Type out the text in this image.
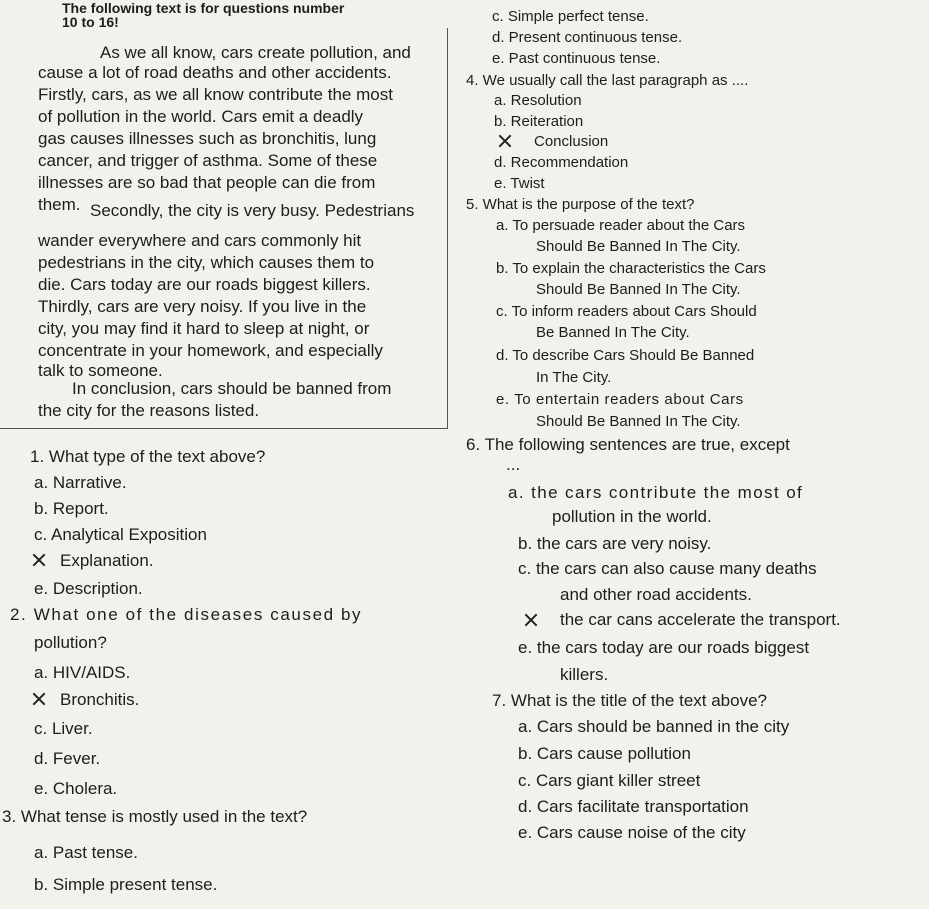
The following text is for questions number
10 to 16!
As we all know, cars create pollution, and
cause a lot of road deaths and other accidents.
Firstly, cars, as we all know contribute the most
of pollution in the world. Cars emit a deadly
gas causes illnesses such as bronchitis, lung
cancer, and trigger of asthma. Some of these
illnesses are so bad that people can die from
them. Secondly, the city is very busy. Pedestrians
wander everywhere and cars commonly hit
pedestrians in the city, which causes them to
die. Cars today are our roads biggest killers.
Thirdly, cars are very noisy. If you live in the
city, you may find it hard to sleep at night, or
concentrate in your homework, and especially
talk to someone.
In conclusion, cars should be banned from
the city for the reasons listed.
1. What type of the text above?
a. Narrative.
b. Report.
c. Analytical Exposition
Explanation.
e. Description.
2. What one of the diseases caused by
pollution?
a. HIV/AIDS.
Bronchitis.
c. Liver.
d. Fever.
e. Cholera.
3. What tense is mostly used in the text?
a. Past tense.
b. Simple present tense.
c. Simple perfect tense.
d. Present continuous tense.
e. Past continuous tense.
4. We usually call the last paragraph as ....
a. Resolution
b. Reiteration
Conclusion
d. Recommendation
e. Twist
5. What is the purpose of the text?
a. To persuade reader about the Cars
Should Be Banned In The City.
b. To explain the characteristics the Cars
Should Be Banned In The City.
c. To inform readers about Cars Should
Be Banned In The City.
d. To describe Cars Should Be Banned
In The City.
e. To entertain readers about Cars
Should Be Banned In The City.
6. The following sentences are true, except
...
a. the cars contribute the most of
pollution in the world.
b. the cars are very noisy.
c. the cars can also cause many deaths
and other road accidents.
the car cans accelerate the transport.
e. the cars today are our roads biggest
killers.
7. What is the title of the text above?
a. Cars should be banned in the city
b. Cars cause pollution
c. Cars giant killer street
d. Cars facilitate transportation
e. Cars cause noise of the city
